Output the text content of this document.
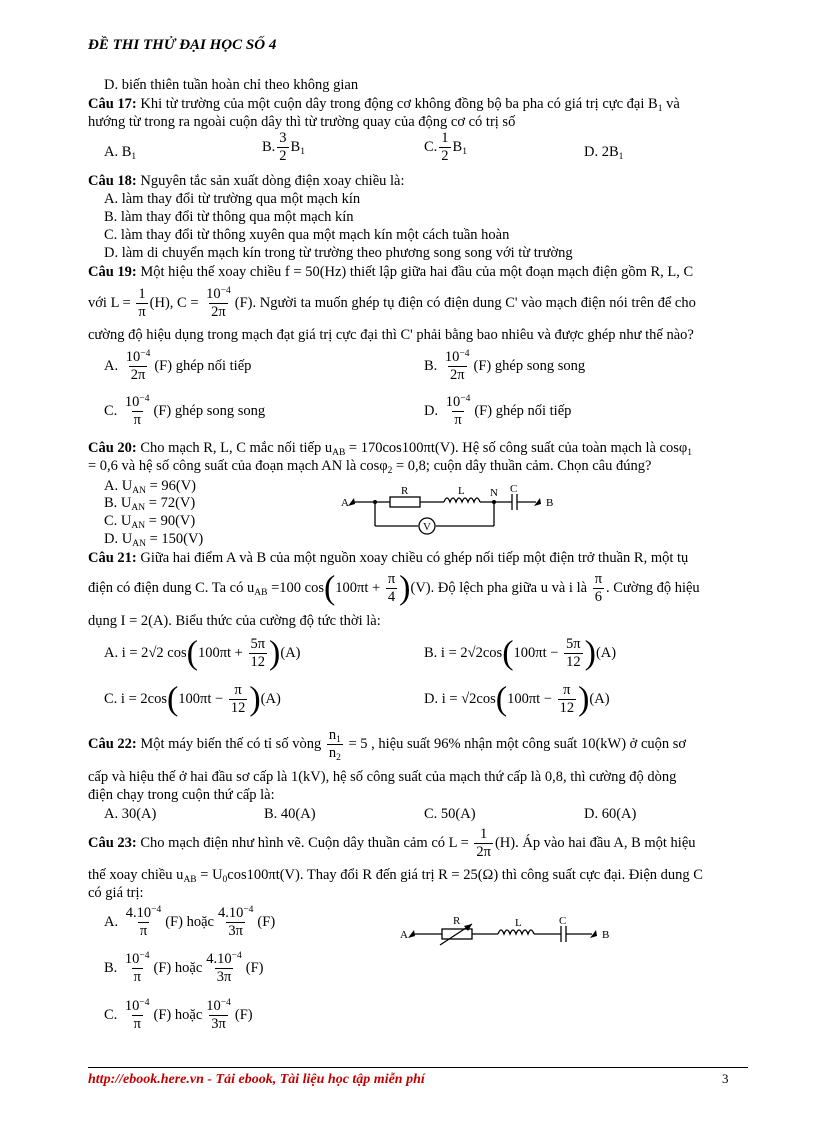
ĐỀ THI THỬ ĐẠI HỌC SỐ 4
D. biến thiên tuần hoàn chỉ theo không gian
Câu 17: Khi từ trường của một cuộn dây trong động cơ không đồng bộ ba pha có giá trị cực đại $B_1$ và
hướng từ trong ra ngoài cuộn dây thì từ trường quay của động cơ có trị số
A. $B_1$
B. $\frac{3}{2} B_1$	C. $\frac{1}{2} B_1$	D. $2B_1$
Câu 18: Nguyên tắc sản xuất dòng điện xoay chiều là:
A. làm thay đổi từ trường qua một mạch kín
B. làm thay đổi từ thông qua một mạch kín
C. làm thay đổi từ thông xuyên qua một mạch kín một cách tuần hoàn
D. làm di chuyển mạch kín trong từ trường theo phương song song với từ trường
Câu 19: Một hiệu thế xoay chiều f = 50(Hz) thiết lập giữa hai đầu của một đoạn mạch điện gồm R, L, C
với $L = \frac{1}{\pi} (H)$, $C = \frac{10^{-4}}{2\pi} (F)$. Người ta muốn ghép tụ điện có điện dung C' vào mạch điện nói trên để cho
cường độ hiệu dụng trong mạch đạt giá trị cực đại thì C' phải bằng bao nhiêu và được ghép như thế nào?
A. $\frac{10^{-4}}{2\pi} (F)$ ghép nối tiếp	B. $\frac{10^{-4}}{2\pi} (F)$ ghép song song
C. $\frac{10^{-4}}{\pi} (F)$ ghép song song	D. $\frac{10^{-4}}{\pi} (F)$ ghép nối tiếp
Câu 20: Cho mạch R, L, C mắc nối tiếp $u_{AB} = 170\cos 100\pi t(V)$. Hệ số công suất của toàn mạch là cosφ$_1$
= 0,6 và hệ số công suất của đoạn mạch AN là cosφ$_2$ = 0,8; cuộn dây thuần cảm. Chọn câu đúng?
A. $U_{AN} = 96(V)$
B. $U_{AN} = 72(V)$
C. $U_{AN} = 90(V)$
D. $U_{AN} = 150(V)$
A
R	L N C
B
V
Câu 21: Giữa hai điểm A và B của một nguồn xoay chiều có ghép nối tiếp một điện trở thuần R, một tụ
điện có điện dung C. Ta có $u_{AB} =100$ $\cos(100\pi t + \frac{\pi}{4} )(V)$. Độ lệch pha giữa u và i là $\frac{\pi}{6}$ . Cường độ hiệu
dụng I = 2(A). Biểu thức của cường độ tức thời là:
A. i = 2√2 $\cos(100\pi t + \frac{5\pi}{12} )(A)$	B. $i = 2√2\cos(100\pi t - \frac{5\pi}{12} )(A)$
C. $i = 2\cos(100\pi t - \frac{\pi}{12} )(A)$	D. $i = √2\cos(100\pi t - \frac{\pi}{12} )(A)$
Câu 22: Một máy biến thế có tỉ số vòng $\frac{n_1}{n_2} = 5$ , hiệu suất 96% nhận một công suất 10(kW) ở cuộn sơ
cấp và hiệu thế ở hai đầu sơ cấp là 1(kV), hệ số công suất của mạch thứ cấp là 0,8, thì cường độ dòng
điện chạy trong cuộn thứ cấp là:
A. 30(A)	B. 40(A)	C. 50(A)	D. 60(A)
Câu 23: Cho mạch điện như hình vẽ. Cuộn dây thuần cảm có $L = \frac{1}{2\pi} (H)$. Áp vào hai đầu A, B một hiệu
thế xoay chiều $u_{AB} = U_0\cos 100\pi t(V)$. Thay đổi R đến giá trị R = 25(Ω) thì công suất cực đại. Điện dung C
có giá trị:
A. $\frac{4.10^{-4}}{\pi} (F)$ hoặc $\frac{4.10^{-4}}{3\pi} (F)$
B. $\frac{10^{-4}}{\pi} (F)$ hoặc $\frac{4.10^{-4}}{3\pi} (F)$
C. $\frac{10^{-4}}{\pi} (F)$ hoặc $\frac{10^{-4}}{3\pi} (F)$
A
R	L	C
B
http://ebook.here.vn - Tải ebook, Tài liệu học tập miễn phí	3
